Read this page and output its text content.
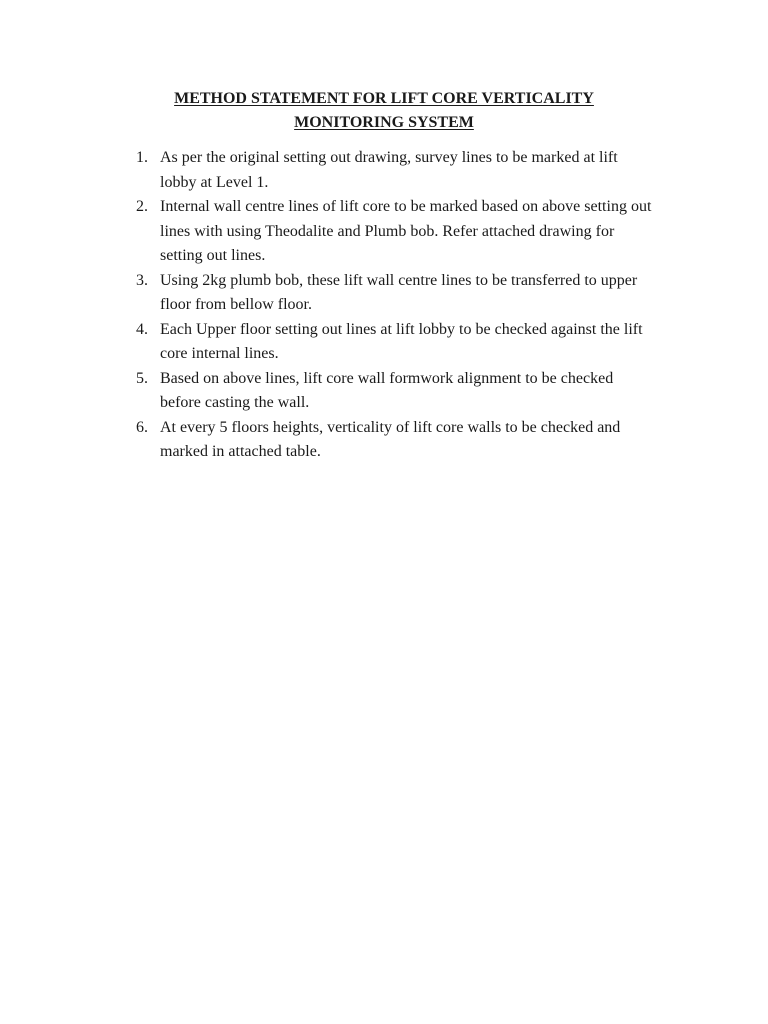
METHOD STATEMENT FOR LIFT CORE VERTICALITY
MONITORING SYSTEM
1. As per the original setting out drawing, survey lines to be marked at lift lobby at Level 1.
2. Internal wall centre lines of lift core to be marked based on above setting out lines with using Theodalite and Plumb bob. Refer attached drawing for setting out lines.
3. Using 2kg plumb bob, these lift wall centre lines to be transferred to upper floor from bellow floor.
4. Each Upper floor setting out lines at lift lobby to be checked against the lift core internal lines.
5. Based on above lines, lift core wall formwork alignment to be checked before casting the wall.
6. At every 5 floors heights, verticality of lift core walls to be checked and marked in attached table.
